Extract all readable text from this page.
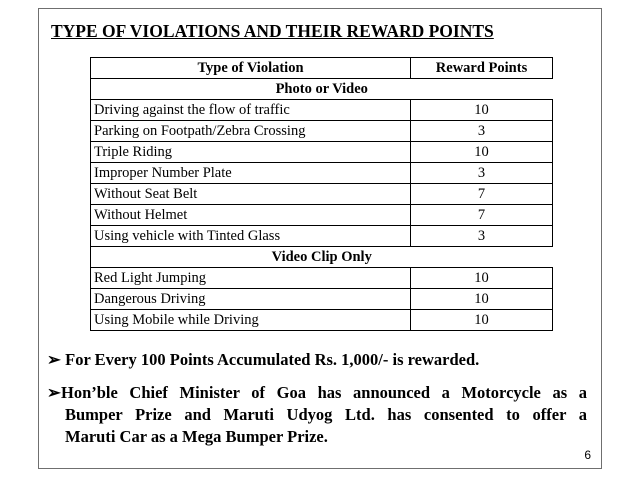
TYPE OF VIOLATIONS AND THEIR REWARD POINTS
Type of Violation	Reward Points
Photo or Video	
Driving against the flow of traffic	10
Parking on Footpath/Zebra Crossing	3
Triple Riding	10
Improper Number Plate	3
Without Seat Belt	7
Without Helmet	7
Using vehicle with Tinted Glass	3
Video Clip Only	
Red Light Jumping	10
Dangerous Driving	10
Using Mobile while Driving	10
➢ For Every 100 Points Accumulated Rs. 1,000/- is rewarded.
➢Hon’ble Chief Minister of Goa has announced a Motorcycle as a
Bumper Prize and Maruti Udyog Ltd. has consented to offer a
Maruti Car as a Mega Bumper Prize.
6
